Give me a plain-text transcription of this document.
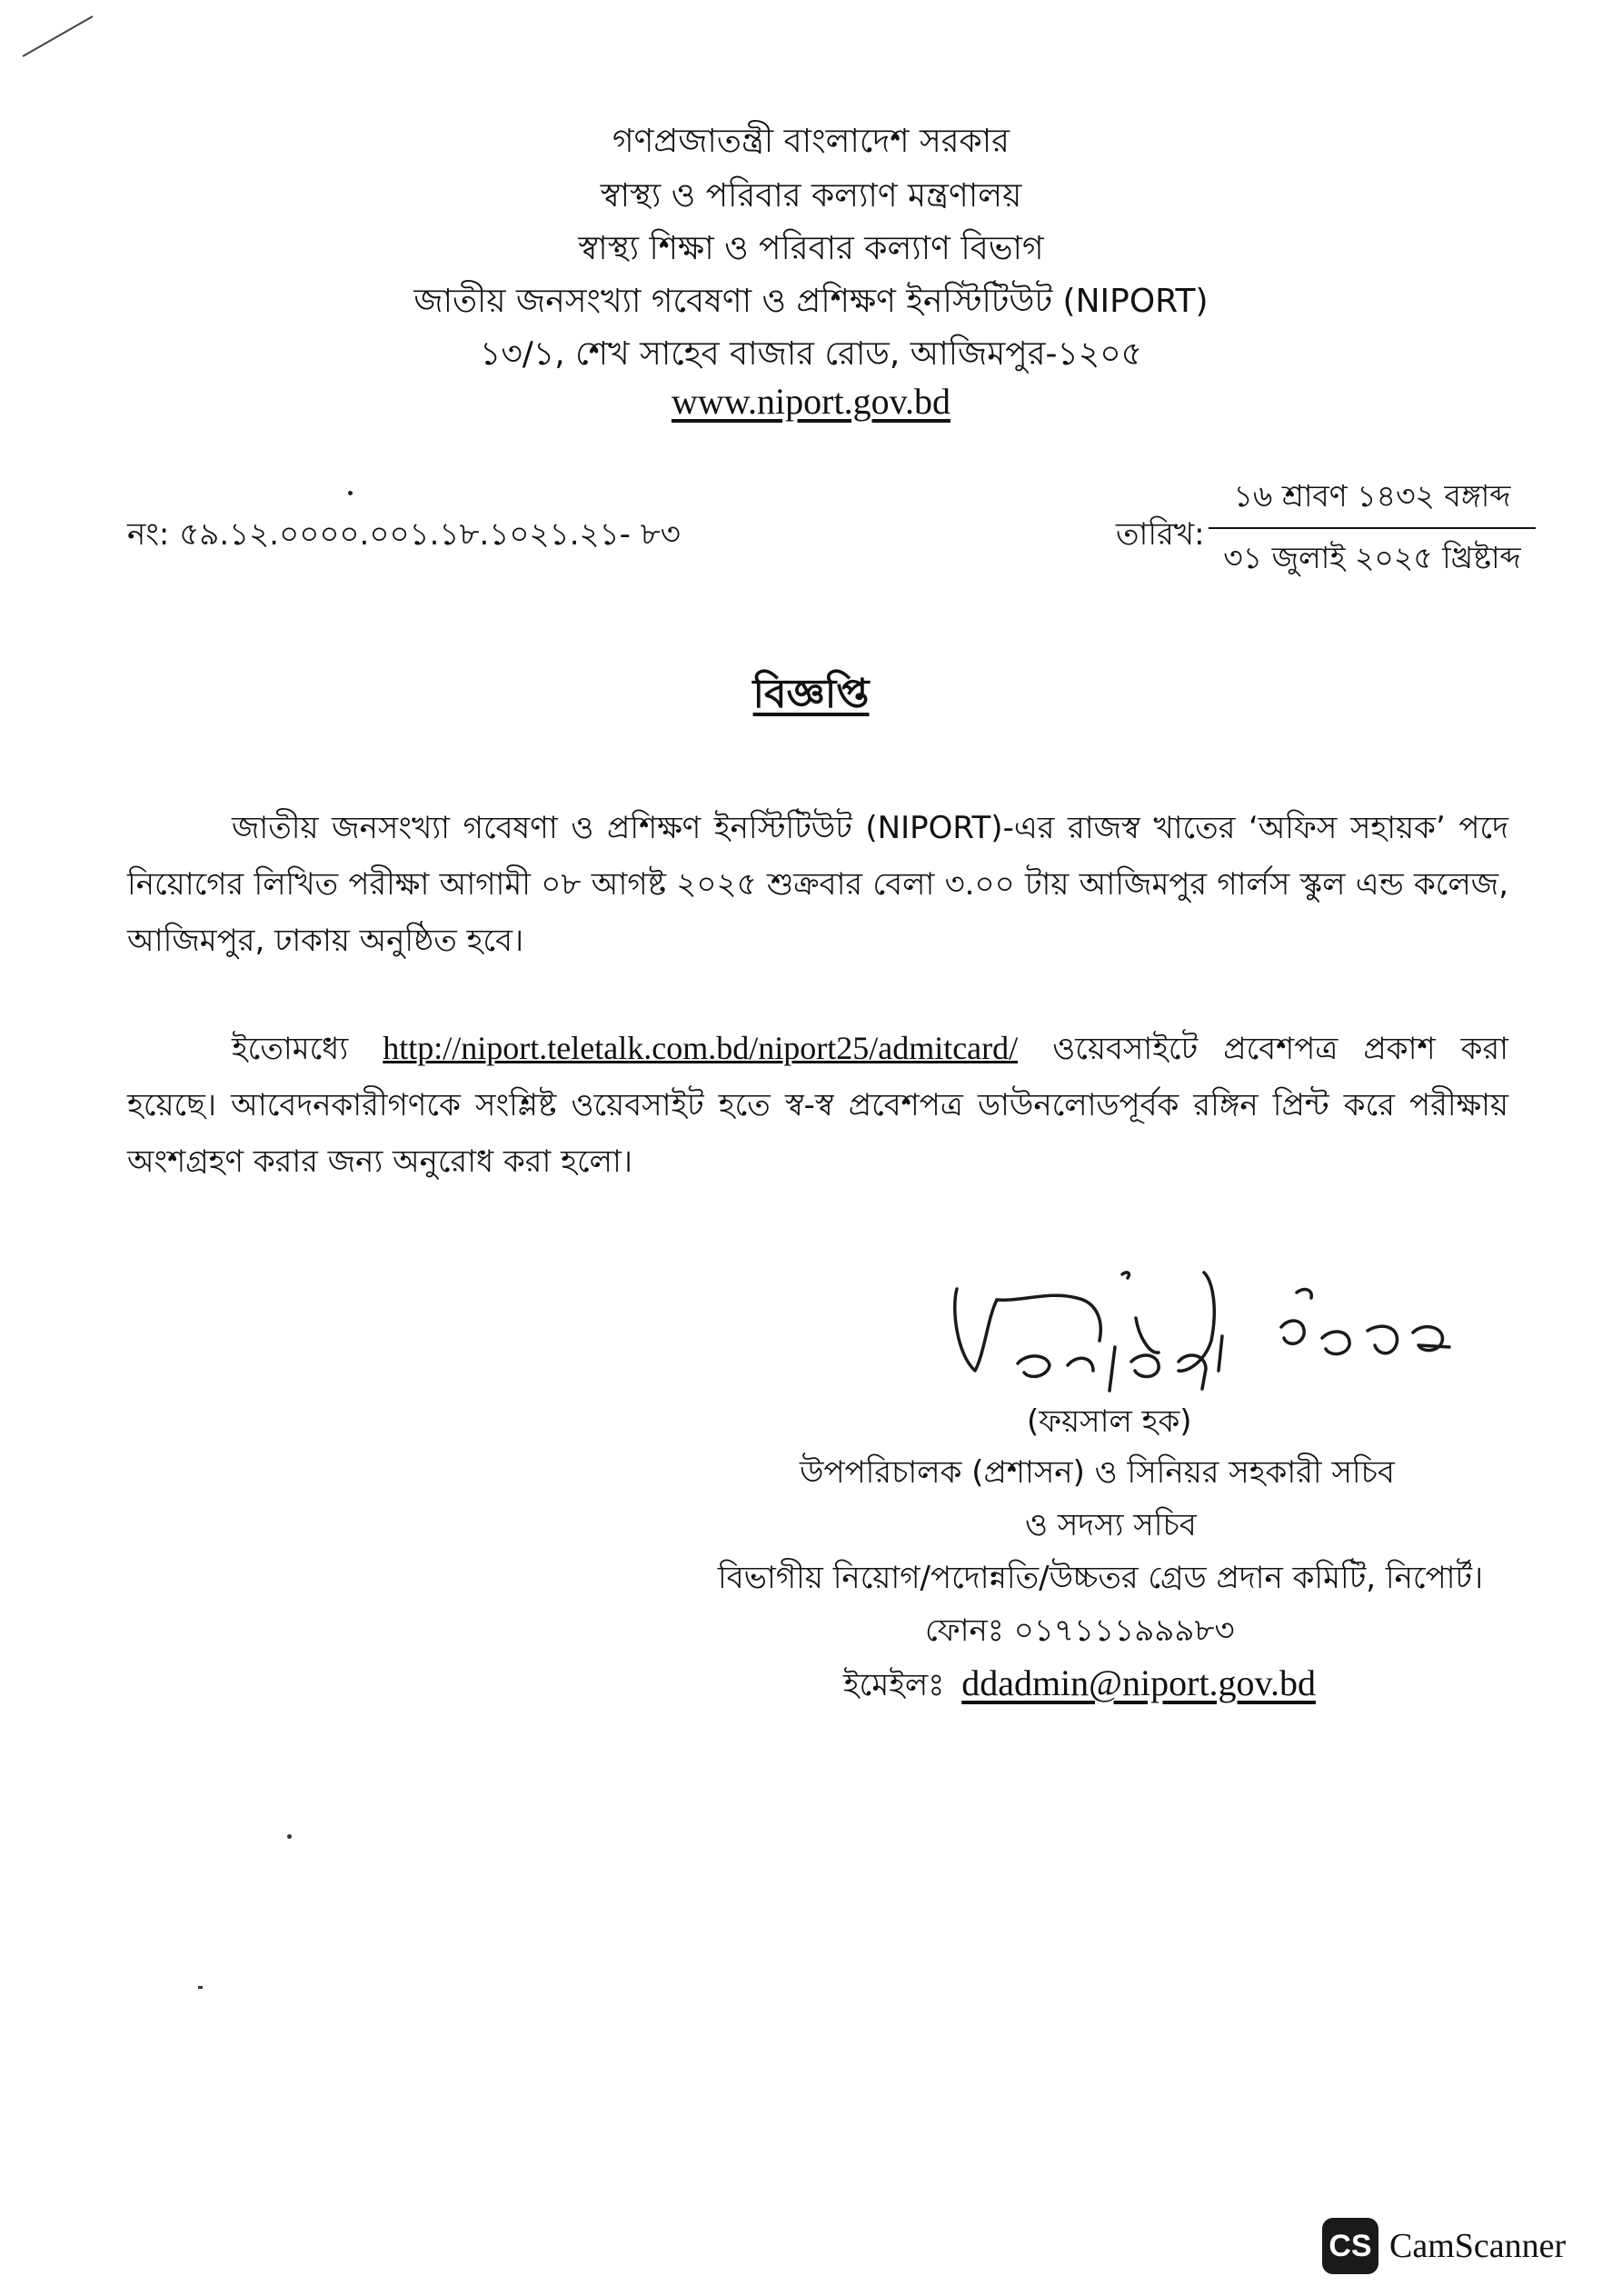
গণপ্রজাতন্ত্রী বাংলাদেশ সরকার
স্বাস্থ্য ও পরিবার কল্যাণ মন্ত্রণালয়
স্বাস্থ্য শিক্ষা ও পরিবার কল্যাণ বিভাগ
জাতীয় জনসংখ্যা গবেষণা ও প্রশিক্ষণ ইনস্টিটিউট (NIPORT)
১৩/১, শেখ সাহেব বাজার রোড, আজিমপুর-১২০৫
www.niport.gov.bd
নং: ৫৯.১২.০০০০.০০১.১৮.১০২১.২১- ৮৩	তারিখ:
১৬ শ্রাবণ ১৪৩২ বঙ্গাব্দ
৩১ জুলাই ২০২৫ খ্রিষ্টাব্দ
বিজ্ঞপ্তি
জাতীয় জনসংখ্যা গবেষণা ও প্রশিক্ষণ ইনস্টিটিউট (NIPORT)-এর রাজস্ব খাতের ‘অফিস সহায়ক’ পদে নিয়োগের লিখিত পরীক্ষা আগামী ০৮ আগষ্ট ২০২৫ শুক্রবার বেলা ৩.০০ টায় আজিমপুর গার্লস স্কুল এন্ড কলেজ, আজিমপুর, ঢাকায় অনুষ্ঠিত হবে।
ইতোমধ্যে http://niport.teletalk.com.bd/niport25/admitcard/ ওয়েবসাইটে প্রবেশপত্র প্রকাশ করা হয়েছে। আবেদনকারীগণকে সংশ্লিষ্ট ওয়েবসাইট হতে স্ব-স্ব প্রবেশপত্র ডাউনলোডপূর্বক রঙ্গিন প্রিন্ট করে পরীক্ষায় অংশগ্রহণ করার জন্য অনুরোধ করা হলো।
(ফয়সাল হক)
উপপরিচালক (প্রশাসন) ও সিনিয়র সহকারী সচিব
ও সদস্য সচিব
বিভাগীয় নিয়োগ/পদোন্নতি/উচ্চতর গ্রেড প্রদান কমিটি, নিপোর্ট।
ফোনঃ ০১৭১১১৯৯৯৮৩
ইমেইলঃ ddadmin@niport.gov.bd
CS CamScanner
